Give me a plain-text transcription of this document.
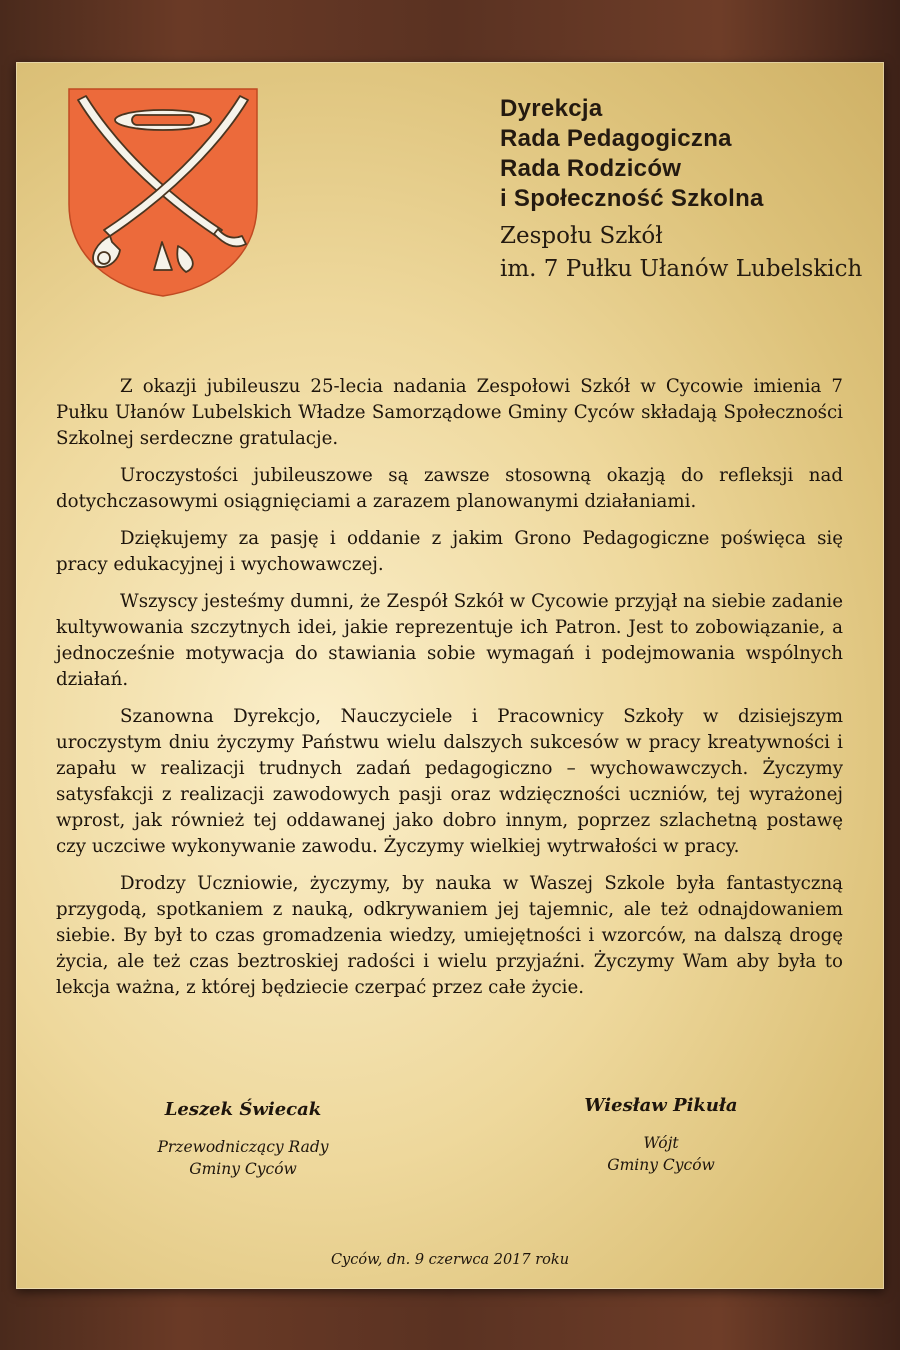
Dyrekcja
Rada Pedagogiczna
Rada Rodziców
i Społeczność Szkolna
Zespołu Szkół
im. 7 Pułku Ułanów Lubelskich

Z okazji jubileuszu 25-lecia nadania Zespołowi Szkół w Cycowie imienia 7 Pułku Ułanów Lubelskich Władze Samorządowe Gminy Cyców składają Społeczności Szkolnej serdeczne gratulacje.

Uroczystości jubileuszowe są zawsze stosowną okazją do refleksji nad dotychczasowymi osiągnięciami a zarazem planowanymi działaniami.

Dziękujemy za pasję i oddanie z jakim Grono Pedagogiczne poświęca się pracy edukacyjnej i wychowawczej.

Wszyscy jesteśmy dumni, że Zespół Szkół w Cycowie przyjął na siebie zadanie kultywowania szczytnych idei, jakie reprezentuje ich Patron. Jest to zobowiązanie, a jednocześnie motywacja do stawiania sobie wymagań i podejmowania wspólnych działań.

Szanowna Dyrekcjo, Nauczyciele i Pracownicy Szkoły w dzisiejszym uroczystym dniu życzymy Państwu wielu dalszych sukcesów w pracy kreatywności i zapału w realizacji trudnych zadań pedagogiczno – wychowawczych. Życzymy satysfakcji z realizacji zawodowych pasji oraz wdzięczności uczniów, tej wyrażonej wprost, jak również tej oddawanej jako dobro innym, poprzez szlachetną postawę czy uczciwe wykonywanie zawodu. Życzymy wielkiej wytrwałości w pracy.

Drodzy Uczniowie, życzymy, by nauka w Waszej Szkole była fantastyczną przygodą, spotkaniem z nauką, odkrywaniem jej tajemnic, ale też odnajdowaniem siebie. By był to czas gromadzenia wiedzy, umiejętności i wzorców, na dalszą drogę życia, ale też czas beztroskiej radości i wielu przyjaźni. Życzymy Wam aby była to lekcja ważna, z której będziecie czerpać przez całe życie.

Leszek Świecak
Przewodniczący Rady
Gminy Cyców
Wiesław Pikuła
Wójt
Gminy Cyców
Cyców, dn. 9 czerwca 2017 roku
